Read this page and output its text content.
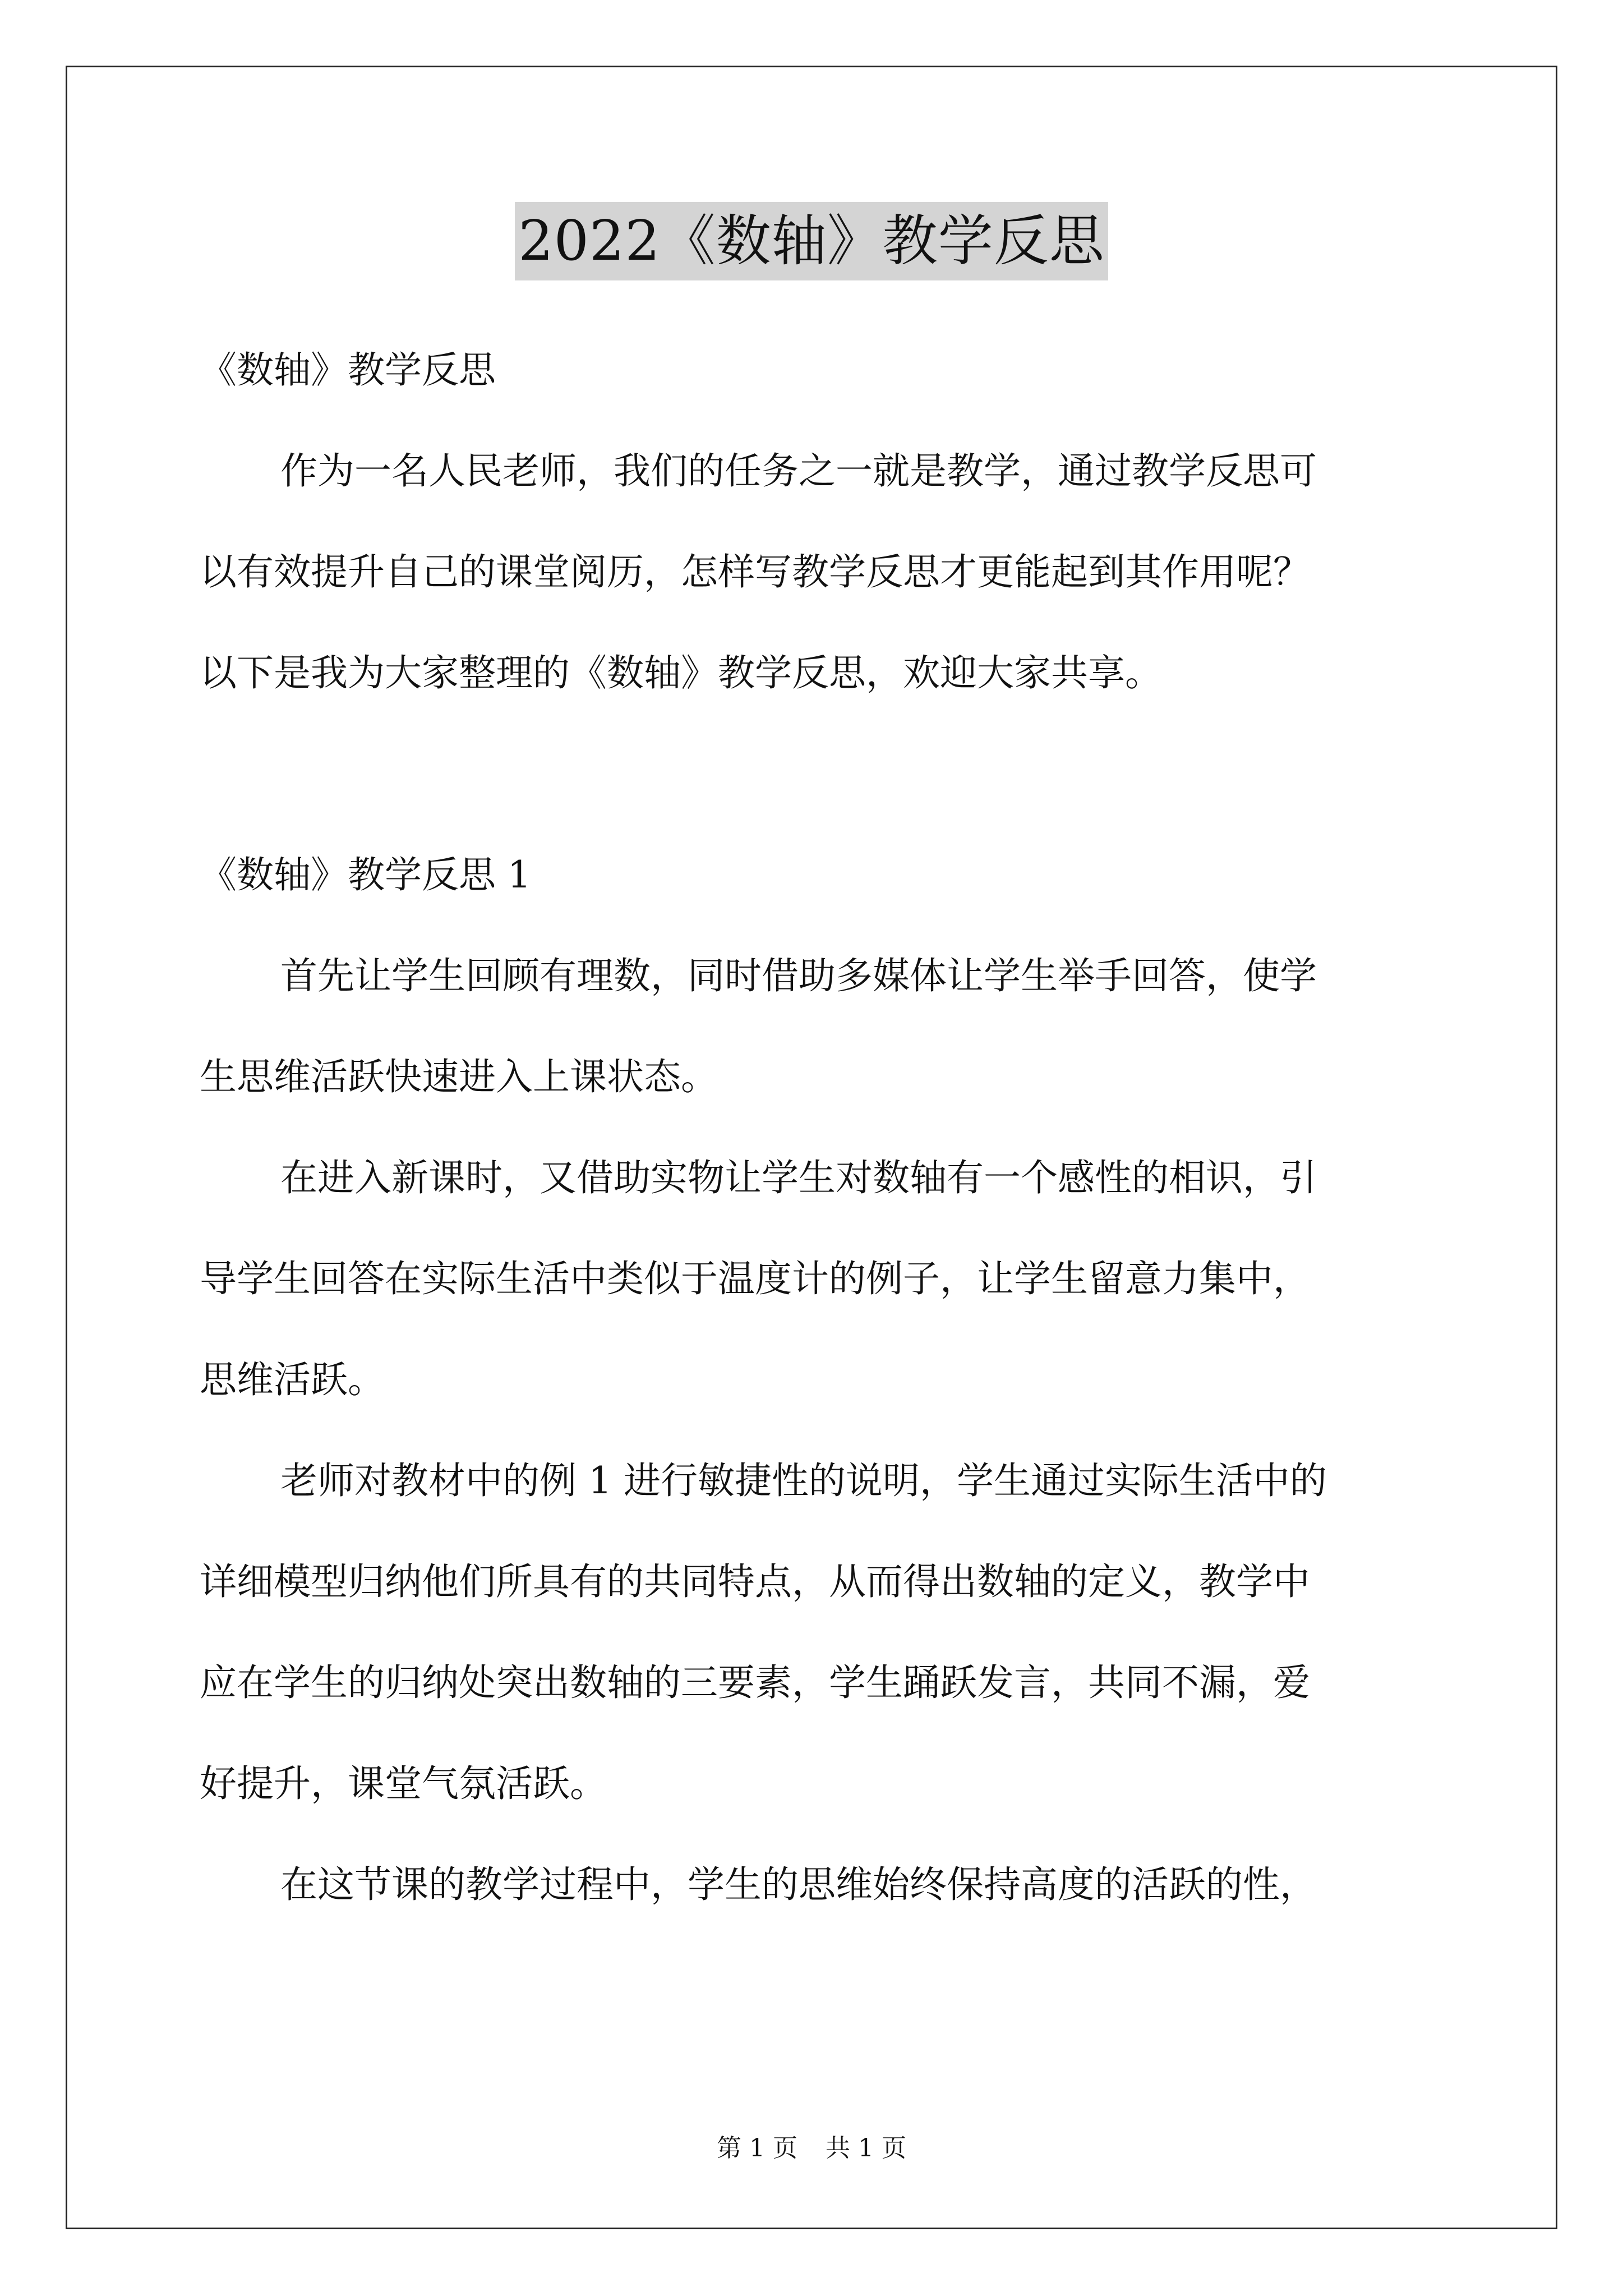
2022《数轴》教学反思

《数轴》教学反思

作为一名人民老师，我们的任务之一就是教学，通过教学反思可

以有效提升自己的课堂阅历，怎样写教学反思才更能起到其作用呢？

以下是我为大家整理的《数轴》教学反思，欢迎大家共享。

《数轴》教学反思 1

首先让学生回顾有理数，同时借助多媒体让学生举手回答，使学

生思维活跃快速进入上课状态。

在进入新课时，又借助实物让学生对数轴有一个感性的相识，引

导学生回答在实际生活中类似于温度计的例子，让学生留意力集中，

思维活跃。

老师对教材中的例 1 进行敏捷性的说明，学生通过实际生活中的

详细模型归纳他们所具有的共同特点，从而得出数轴的定义，教学中

应在学生的归纳处突出数轴的三要素，学生踊跃发言，共同不漏，爱

好提升，课堂气氛活跃。

在这节课的教学过程中，学生的思维始终保持高度的活跃的性，

第 1 页 共 1 页
